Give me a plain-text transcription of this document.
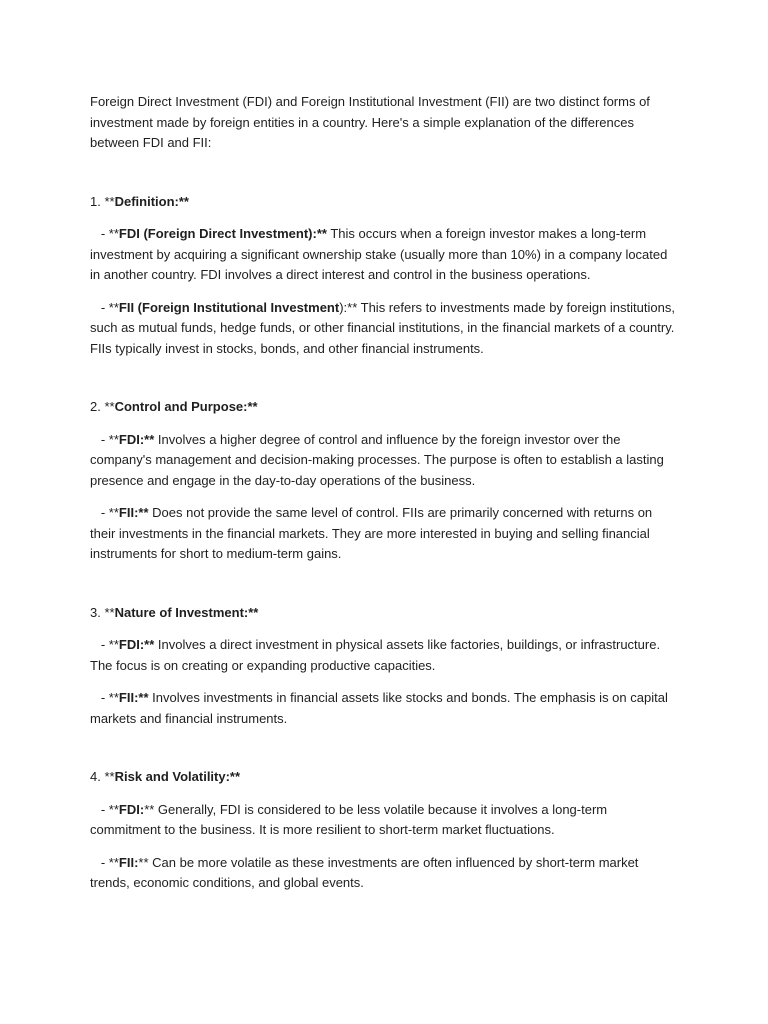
Foreign Direct Investment (FDI) and Foreign Institutional Investment (FII) are two distinct forms of investment made by foreign entities in a country. Here's a simple explanation of the differences between FDI and FII:

1. **Definition:**

- **FDI (Foreign Direct Investment):** This occurs when a foreign investor makes a long-term investment by acquiring a significant ownership stake (usually more than 10%) in a company located in another country. FDI involves a direct interest and control in the business operations.

- **FII (Foreign Institutional Investment):** This refers to investments made by foreign institutions, such as mutual funds, hedge funds, or other financial institutions, in the financial markets of a country. FIIs typically invest in stocks, bonds, and other financial instruments.

2. **Control and Purpose:**

- **FDI:** Involves a higher degree of control and influence by the foreign investor over the company's management and decision-making processes. The purpose is often to establish a lasting presence and engage in the day-to-day operations of the business.

- **FII:** Does not provide the same level of control. FIIs are primarily concerned with returns on their investments in the financial markets. They are more interested in buying and selling financial instruments for short to medium-term gains.

3. **Nature of Investment:**

- **FDI:** Involves a direct investment in physical assets like factories, buildings, or infrastructure. The focus is on creating or expanding productive capacities.

- **FII:** Involves investments in financial assets like stocks and bonds. The emphasis is on capital markets and financial instruments.

4. **Risk and Volatility:**

- **FDI:** Generally, FDI is considered to be less volatile because it involves a long-term commitment to the business. It is more resilient to short-term market fluctuations.

- **FII:** Can be more volatile as these investments are often influenced by short-term market trends, economic conditions, and global events.
